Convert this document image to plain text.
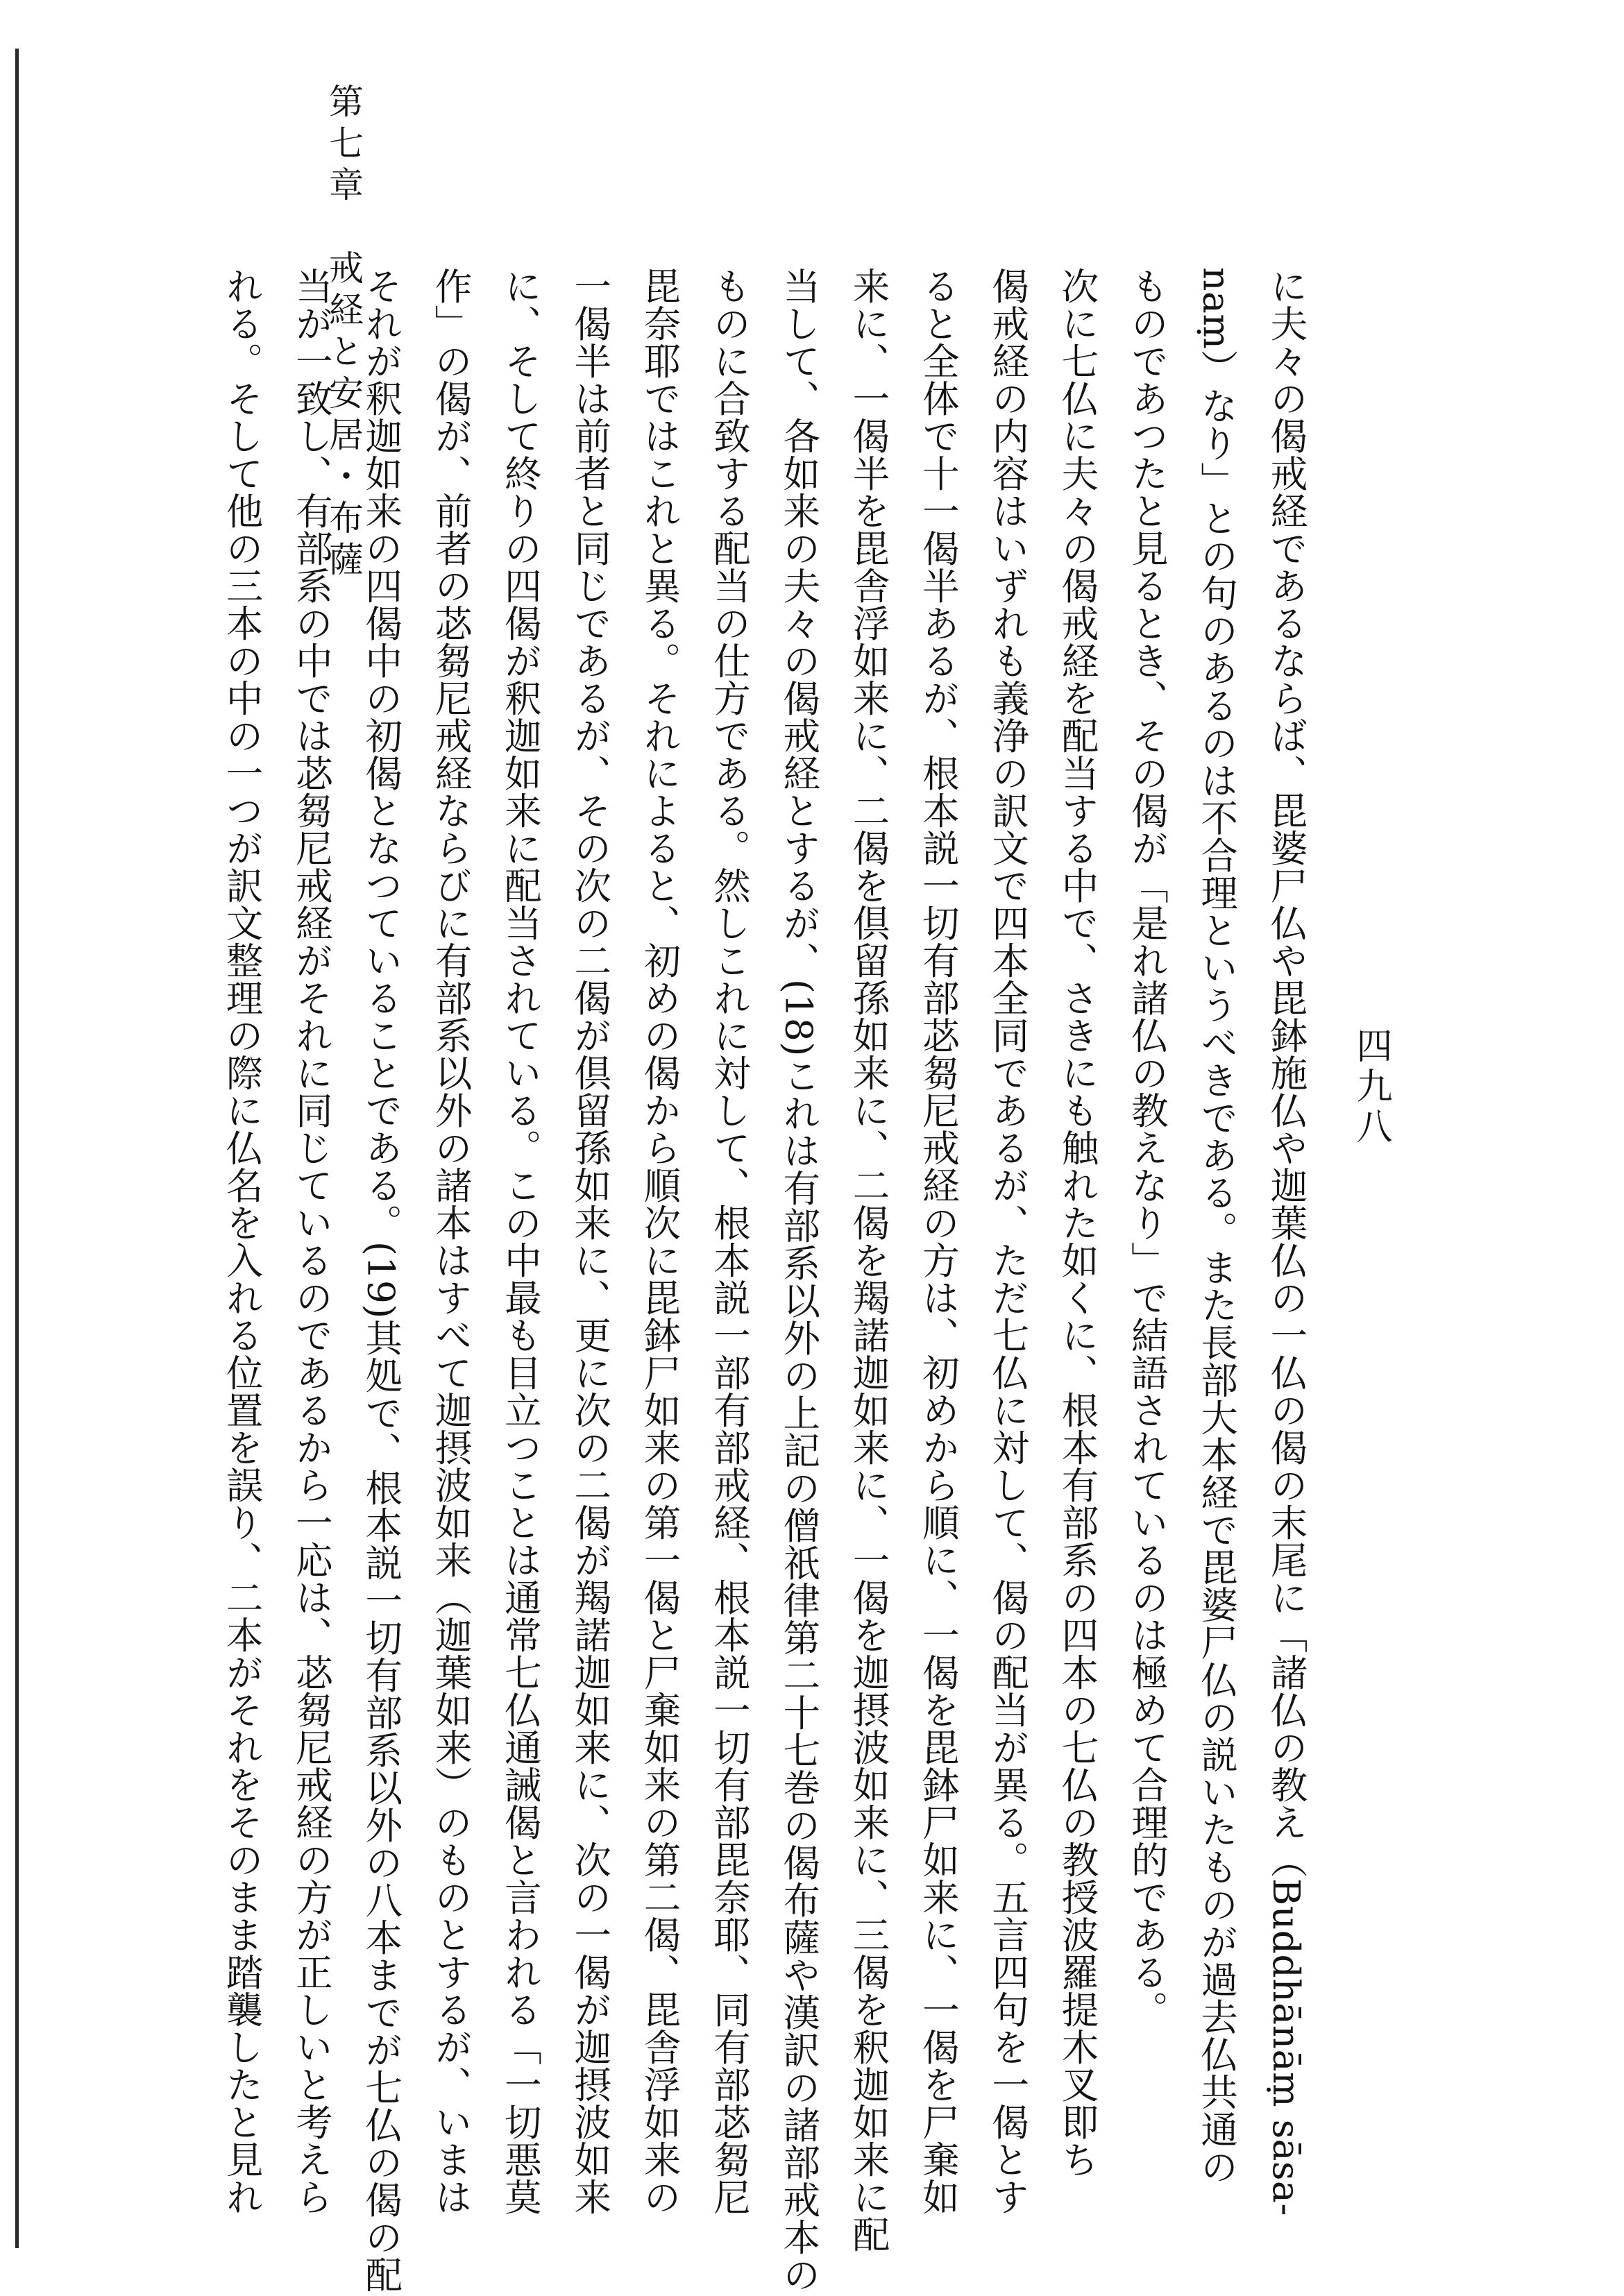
第七章　戒経と安居・布薩
四九八
に夫々の偈戒経であるならば、毘婆尸仏や毘鉢施仏や迦葉仏の一仏の偈の末尾に「諸仏の教え（Buddhānāṃ sāsa-
naṃ）なり」との句のあるのは不合理というべきである。また長部大本経で毘婆尸仏の説いたものが過去仏共通の
ものであつたと見るとき、その偈が「是れ諸仏の教えなり」で結語されているのは極めて合理的である。
次に七仏に夫々の偈戒経を配当する中で、さきにも触れた如くに、根本有部系の四本の七仏の教授波羅提木叉即ち
偈戒経の内容はいずれも義浄の訳文で四本全同であるが、ただ七仏に対して、偈の配当が異る。五言四句を一偈とす
ると全体で十一偈半あるが、根本説一切有部苾芻尼戒経の方は、初めから順に、一偈を毘鉢尸如来に、一偈を尸棄如
来に、一偈半を毘舎浮如来に、二偈を倶留孫如来に、二偈を羯諾迦如来に、一偈を迦摂波如来に、三偈を釈迦如来に配
当して、各如来の夫々の偈戒経とするが、(18)これは有部系以外の上記の僧祇律第二十七巻の偈布薩や漢訳の諸部戒本の
ものに合致する配当の仕方である。然しこれに対して、根本説一部有部戒経、根本説一切有部毘奈耶、同有部苾芻尼
毘奈耶ではこれと異る。それによると、初めの偈から順次に毘鉢尸如来の第一偈と尸棄如来の第二偈、毘舎浮如来の
一偈半は前者と同じであるが、その次の二偈が倶留孫如来に、更に次の二偈が羯諾迦如来に、次の一偈が迦摂波如来
に、そして終りの四偈が釈迦如来に配当されている。この中最も目立つことは通常七仏通誡偈と言われる「一切悪莫
作」の偈が、前者の苾芻尼戒経ならびに有部系以外の諸本はすべて迦摂波如来（迦葉如来）のものとするが、いまは
それが釈迦如来の四偈中の初偈となつていることである。(19)其処で、根本説一切有部系以外の八本までが七仏の偈の配
当が一致し、有部系の中では苾芻尼戒経がそれに同じているのであるから一応は、苾芻尼戒経の方が正しいと考えら
れる。そして他の三本の中の一つが訳文整理の際に仏名を入れる位置を誤り、二本がそれをそのまま踏襲したと見れ
